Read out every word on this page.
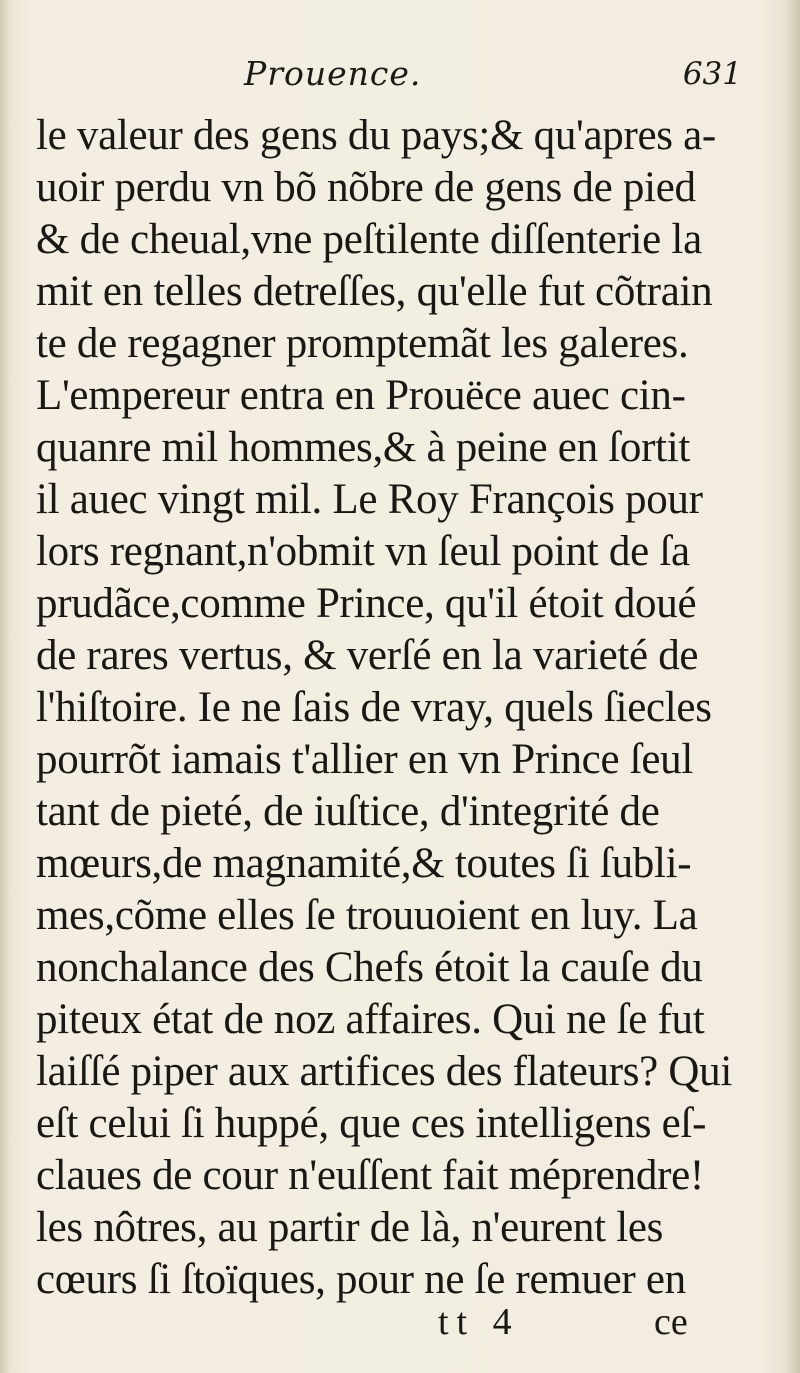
Prouence.	631
le valeur des gens du pays;& qu'apres a-
uoir perdu vn bõ nõbre de gens de pied
& de cheual,vne peſtilente diſſenterie la
mit en telles detreſſes, qu'elle fut cõtrain
te de regagner promptemãt les galeres.
L'empereur entra en Prouëce auec cin-
quanre mil hommes,& à peine en ſortit
il auec vingt mil. Le Roy François pour
lors regnant,n'obmit vn ſeul point de ſa
prudãce,comme Prince, qu'il étoit doué
de rares vertus, & verſé en la varieté de
l'hiſtoire. Ie ne ſais de vray, quels ſiecles
pourrõt iamais t'allier en vn Prince ſeul
tant de pieté, de iuſtice, d'integrité de
mœurs,de magnamité,& toutes ſi ſubli-
mes,cõme elles ſe trouuoient en luy. La
nonchalance des Chefs étoit la cauſe du
piteux état de noz affaires. Qui ne ſe fut
laiſſé piper aux artifices des flateurs? Qui
eſt celui ſi huppé, que ces intelligens eſ-
claues de cour n'euſſent fait méprendre!
les nôtres, au partir de là, n'eurent les
cœurs ſi ſtoïques, pour ne ſe remuer en
tt 4	ce
